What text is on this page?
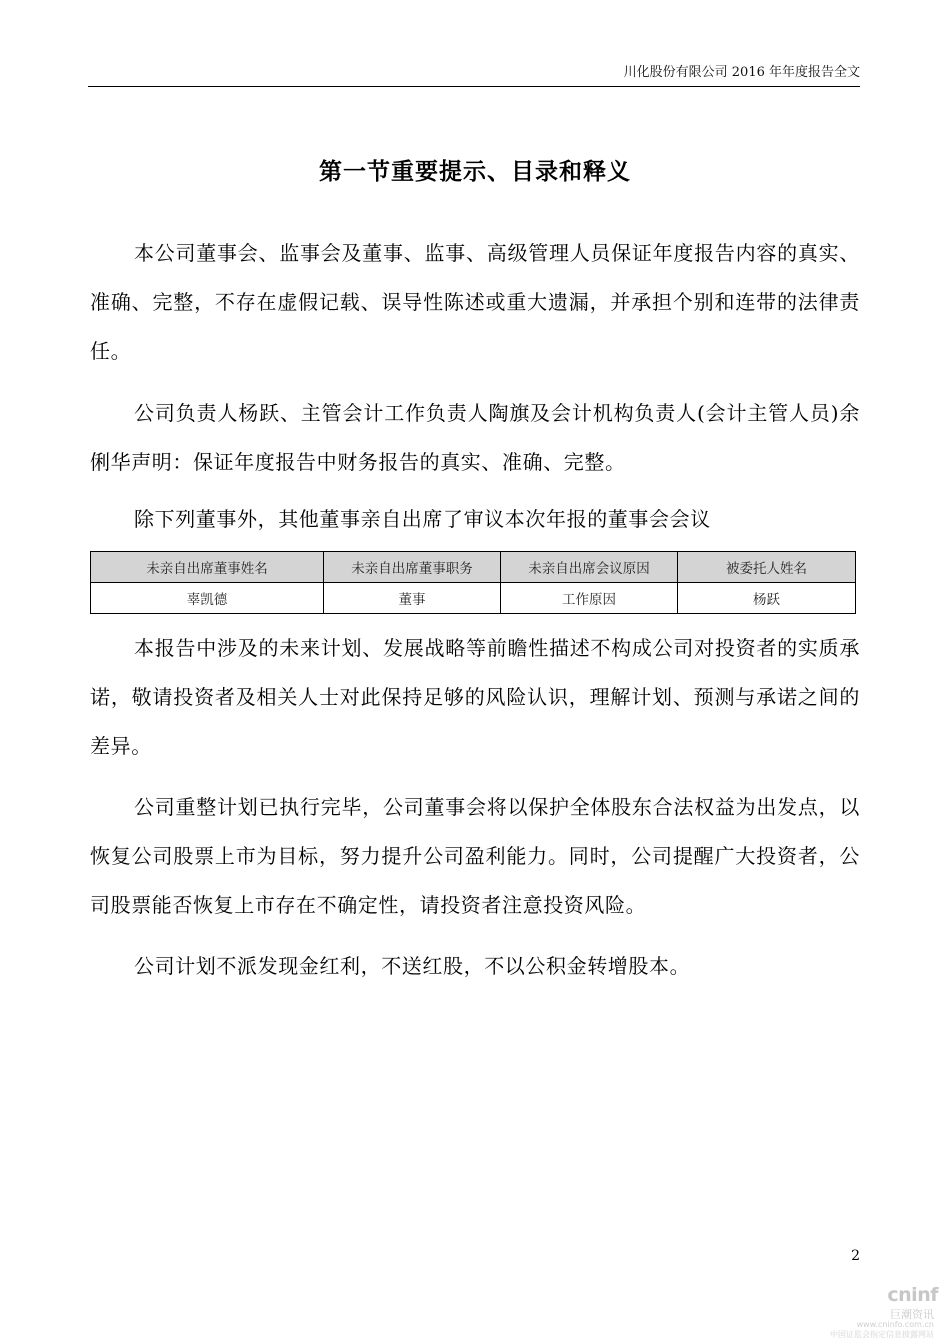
川化股份有限公司 2016 年年度报告全文
第一节重要提示、目录和释义

本公司董事会、监事会及董事、监事、高级管理人员保证年度报告内容的真实、准确、完整，不存在虚假记载、误导性陈述或重大遗漏，并承担个别和连带的法律责任。

公司负责人杨跃、主管会计工作负责人陶旗及会计机构负责人(会计主管人员)余俐华声明：保证年度报告中财务报告的真实、准确、完整。

除下列董事外，其他董事亲自出席了审议本次年报的董事会会议

未亲自出席董事姓名	未亲自出席董事职务	未亲自出席会议原因	被委托人姓名
辜凯德	董事	工作原因	杨跃

本报告中涉及的未来计划、发展战略等前瞻性描述不构成公司对投资者的实质承诺，敬请投资者及相关人士对此保持足够的风险认识，理解计划、预测与承诺之间的差异。

公司重整计划已执行完毕，公司董事会将以保护全体股东合法权益为出发点，以恢复公司股票上市为目标，努力提升公司盈利能力。同时，公司提醒广大投资者，公司股票能否恢复上市存在不确定性，请投资者注意投资风险。

公司计划不派发现金红利，不送红股，不以公积金转增股本。

2
cninf
巨潮资讯
www.cninfo.com.cn
中国证监会指定信息披露网站
